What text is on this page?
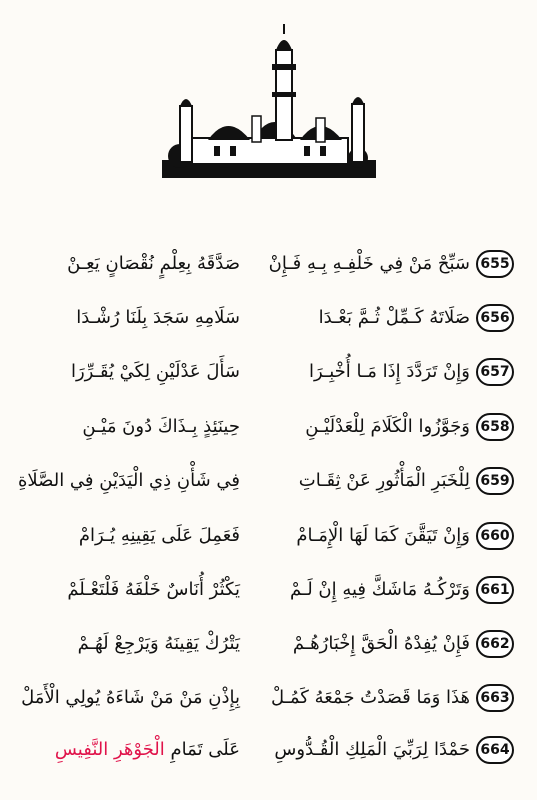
655
سَبِّحْ مَنْ فِي خَلْفِـهِ بِـهِ فَـإِنْ
صَدَّقَهُ بِعِلْمٍ نُقْصَانٍ يَعِـنْ
656
صَلَاتَهُ كَـمِّلْ ثُـمَّ بَعْـدَا
سَلَامِهِ سَجَدَ بِلَنَا رُشْـدَا
657
وَإِنْ تَرَدَّدَ إِذَا مَـا أُخْبِـرَا
سَأَلَ عَدْلَيْنِ لِكَيْ يُقَـرِّرَا
658
وَجَوَّزُوا الْكَلَامَ لِلْعَدْلَيْـنِ
حِينَئِذٍ بِـذَاكَ دُونَ مَيْـنِ
659
لِلْخَبَرِ الْمَأْثُورِ عَنْ ثِقَـاتِ
فِي شَأْنِ ذِي الْيَدَيْنِ فِي الصَّلَاةِ
660
وَإِنْ تَيَقَّنَ كَمَا لَهَا الْإِمَـامْ
فَعَمِلَ عَلَى يَقِينِهِ يُـرَامْ
661
وَتَرْكُـهُ مَاشَكَّ فِيهِ إِنْ لَـمْ
يَكْثُرْ أُنَاسٌ خَلْفَهُ فَلْتَعْـلَمْ
662
فَإِنْ يُفِدْهُ الْحَقَّ إِخْبَارُهُـمْ
يَتْرُكْ يَقِينَهُ وَيَرْجِعْ لَهُـمْ
663
هَذَا وَمَا قَصَدْتُ جَمْعَهُ كَمُـلْ
بِإِذْنِ مَنْ مَنْ شَاءَهُ يُولِي الْأَمَلْ
664
حَمْدًا لِرَبِّيَ الْمَلِكِ الْقُـدُّوسِ
عَلَى تَمَامِ الْجَوْهَرِ النَّفِيسِ
